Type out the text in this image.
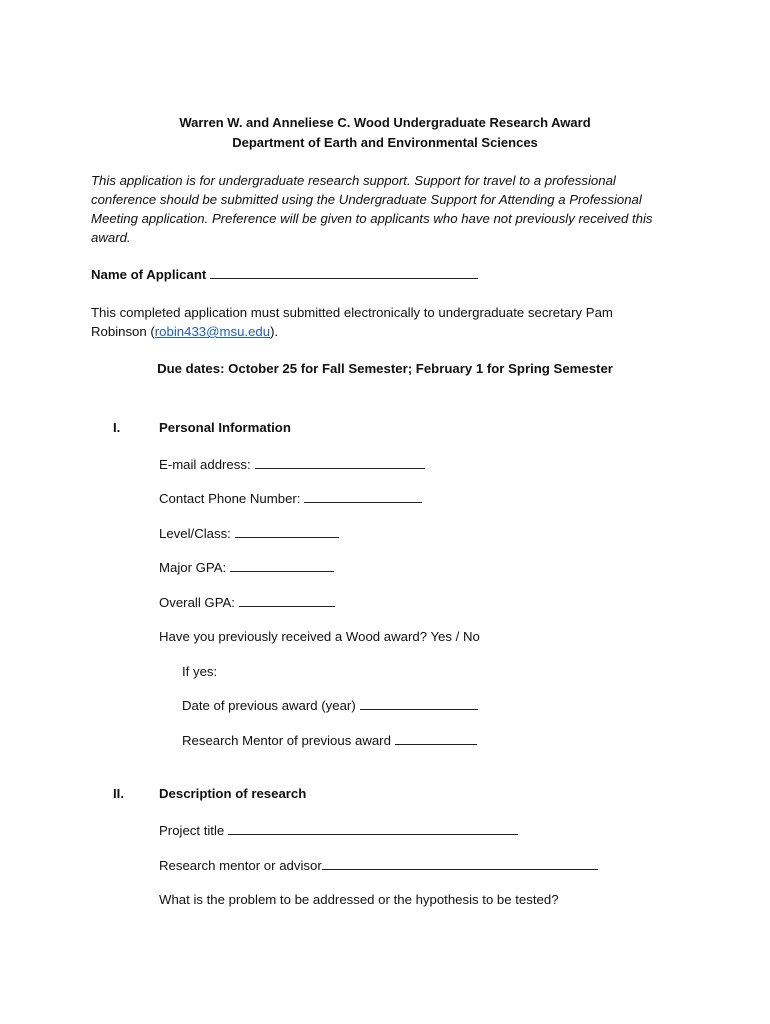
Warren W. and Anneliese C. Wood Undergraduate Research Award
Department of Earth and Environmental Sciences
This application is for undergraduate research support. Support for travel to a professional conference should be submitted using the Undergraduate Support for Attending a Professional Meeting application. Preference will be given to applicants who have not previously received this award.
Name of Applicant
This completed application must submitted electronically to undergraduate secretary Pam
Robinson (robin433@msu.edu).
Due dates: October 25 for Fall Semester; February 1 for Spring Semester
I.	Personal Information
E-mail address:
Contact Phone Number:
Level/Class:
Major GPA:
Overall GPA:
Have you previously received a Wood award? Yes / No
If yes:
Date of previous award (year)
Research Mentor of previous award
II.	Description of research
Project title
Research mentor or advisor
What is the problem to be addressed or the hypothesis to be tested?
